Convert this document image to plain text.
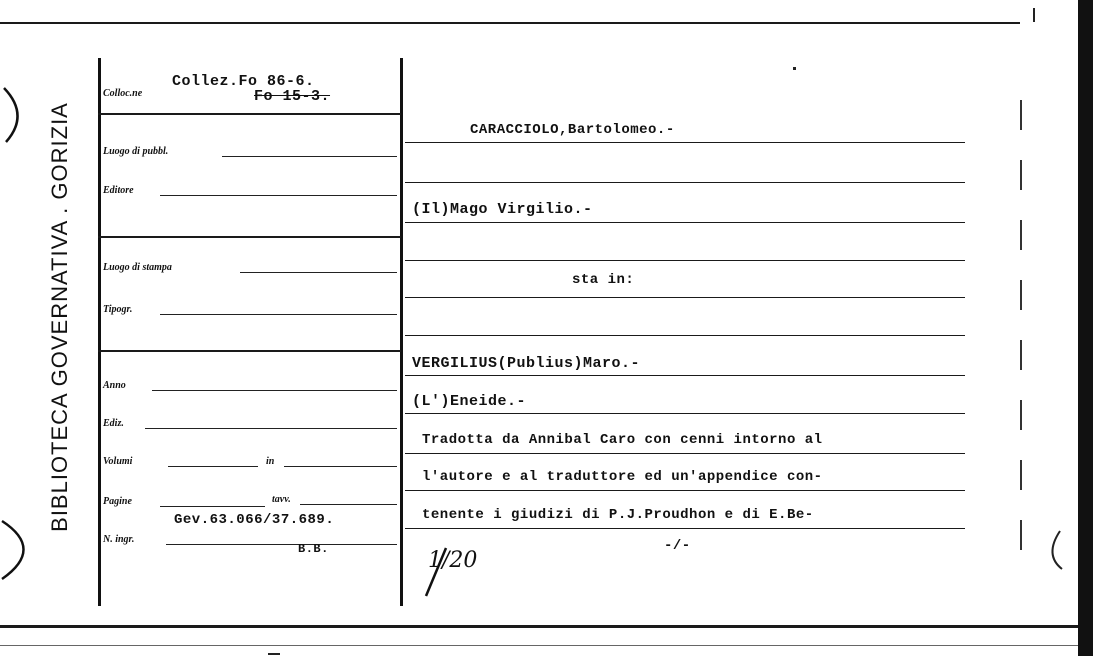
BIBLIOTECA GOVERNATIVA . GORIZIA
Colloc.ne
Collez.Fo 86-6.
Fo 15-3.
Luogo di pubbl.
Editore
Luogo di stampa
Tipogr.
Anno
Ediz.
Volumi	in
Pagine	tavv.
N. ingr.
Gev.63.066/37.689.
B.B.
CARACCIOLO,Bartolomeo.-
(Il)Mago Virgilio.-
sta in:
VERGILIUS(Publius)Maro.-
(L')Eneide.-
Tradotta da Annibal Caro con cenni intorno al
l'autore e al traduttore ed un'appendice con-
tenente i giudizi di P.J.Proudhon e di E.Be-
-/-
1/20
